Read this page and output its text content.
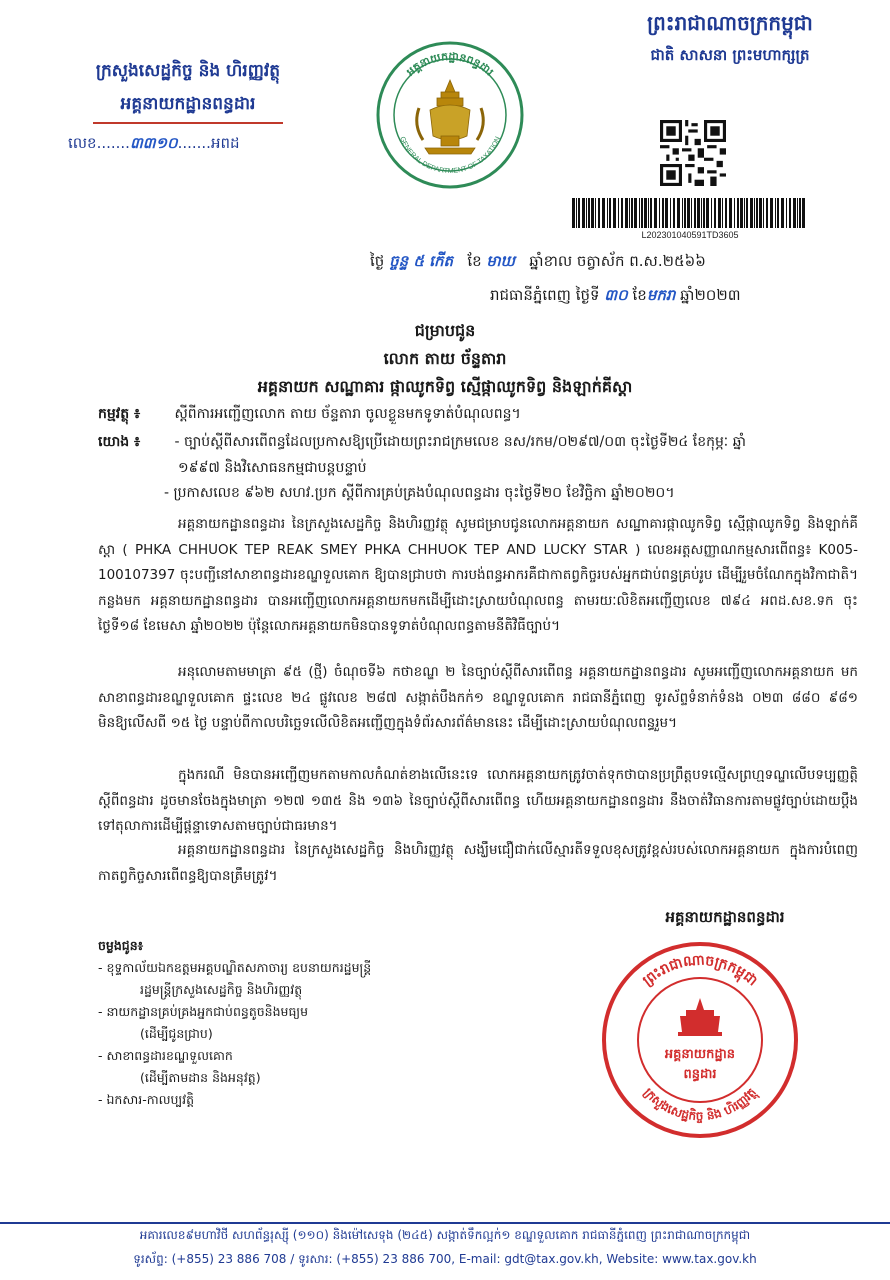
ក្រសួងសេដ្ឋកិច្ច និង ហិរញ្ញវត្ថុ
អគ្គនាយកដ្ឋានពន្ធដារ
លេខ.......៣៣១០.......អពដ
ព្រះរាជាណាចក្រកម្ពុជា
ជាតិ សាសនា ព្រះមហាក្សត្រ
អគ្គនាយកដ្ឋានពន្ធដារ
GENERAL DEPARTMENT OF TAXATION
L202301040591TD3605
ថ្ងៃ ច្ចន្ទ ៥ កើត ខែ មាឃ ឆ្នាំខាល ចត្វាស័ក ព.ស.២៥៦៦
រាជធានីភ្នំពេញ ថ្ងៃទី ៣០ ខែមករា ឆ្នាំ២០២៣
ជម្រាបជូន
លោក តាយ ច័ន្ទតារា
អគ្គនាយក សណ្ឋាគារ ផ្កាឈូកទិព្វ ស្មើផ្កាឈូកទិព្វ និងឡាក់គីស្តា
កម្មវត្ថុ ៖ ស្តីពីការអញ្ជើញលោក តាយ ច័ន្ទតារា ចូលខ្លួនមកទូទាត់បំណុលពន្ធ។
យោង ៖ - ច្បាប់ស្តីពីសារពើពន្ធដែលប្រកាសឱ្យប្រើដោយព្រះរាជក្រមលេខ នស/រកម/០២៩៧/០៣ ចុះថ្ងៃទី២៤ ខែកុម្ភៈ ឆ្នាំ
១៩៩៧ និងវិសោធនកម្មជាបន្តបន្ទាប់
- ប្រកាសលេខ ៩៦២ សហវ.ប្រក ស្តីពីការគ្រប់គ្រងបំណុលពន្ធដារ ចុះថ្ងៃទី២០ ខែវិច្ឆិកា ឆ្នាំ២០២០។
អគ្គនាយកដ្ឋានពន្ធដារ នៃក្រសួងសេដ្ឋកិច្ច និងហិរញ្ញវត្ថុ សូមជម្រាបជូនលោកអគ្គនាយក សណ្ឋាគារផ្កាឈូកទិព្វ ស្មើផ្កាឈូកទិព្វ និងឡាក់គីស្តា ( PHKA CHHUOK TEP REAK SMEY PHKA CHHUOK TEP AND LUCKY STAR ) លេខអត្តសញ្ញាណកម្មសារពើពន្ធ៖ K005-100107397 ចុះបញ្ជីនៅសាខាពន្ធដារខណ្ឌទួលគោក ឱ្យបានជ្រាបថា ការបង់ពន្ធអាករគឺជាកាតព្វកិច្ចរបស់អ្នកជាប់ពន្ធគ្រប់រូប ដើម្បីរួមចំណែកក្នុងវិកាជាតិ។ កន្លងមក អគ្គនាយកដ្ឋានពន្ធដារ បានអញ្ជើញលោកអគ្គនាយកមកដើម្បីដោះស្រាយបំណុលពន្ធ តាមរយៈលិខិតអញ្ជើញលេខ ៧៩៤ អពដ.សខ.ទក ចុះថ្ងៃទី១៨ ខែមេសា ឆ្នាំ២០២២ ប៉ុន្តែលោកអគ្គនាយកមិនបានទូទាត់បំណុលពន្ធតាមនីតិវិធីច្បាប់។
អនុលោមតាមមាត្រា ៩៥ (ថ្មី) ចំណុចទី៦ កថាខណ្ឌ ២ នៃច្បាប់ស្តីពីសារពើពន្ធ អគ្គនាយកដ្ឋានពន្ធដារ សូមអញ្ជើញលោកអគ្គនាយក មកសាខាពន្ធដារខណ្ឌទួលគោក ផ្ទះលេខ ២៤ ផ្លូវលេខ ២៨៧ សង្កាត់បឹងកក់១ ខណ្ឌទួលគោក រាជធានីភ្នំពេញ ទូរស័ព្ទទំនាក់ទំនង ០២៣ ៨៨០ ៩៨១ មិនឱ្យលើសពី ១៥ ថ្ងៃ បន្ទាប់ពីកាលបរិច្ឆេទលើលិខិតអញ្ជើញក្នុងទំព័រសារព័ត៌មាននេះ ដើម្បីដោះស្រាយបំណុលពន្ធរួម។
ក្នុងករណី មិនបានអញ្ជើញមកតាមកាលកំណត់ខាងលើនេះទេ លោកអគ្គនាយកត្រូវចាត់ទុកថាបានប្រព្រឹត្តបទល្មើសព្រហ្មទណ្ឌលើបទប្បញ្ញត្តិស្តីពីពន្ធដារ ដូចមានចែងក្នុងមាត្រា ១២៧ ១៣៥ និង ១៣៦ នៃច្បាប់ស្តីពីសារពើពន្ធ ហើយអគ្គនាយកដ្ឋានពន្ធដារ នឹងចាត់វិធានការតាមផ្លូវច្បាប់ដោយប្តឹងទៅតុលាការដើម្បីផ្តន្ទាទោសតាមច្បាប់ជាធរមាន។
អគ្គនាយកដ្ឋានពន្ធដារ នៃក្រសួងសេដ្ឋកិច្ច និងហិរញ្ញវត្ថុ សង្ឃឹមជឿជាក់លើស្មារតីទទួលខុសត្រូវខ្ពស់របស់លោកអគ្គនាយក ក្នុងការបំពេញកាតព្វកិច្ចសារពើពន្ធឱ្យបានត្រឹមត្រូវ។
អគ្គនាយកដ្ឋានពន្ធដារ
ព្រះរាជាណាចក្រកម្ពុជា
ក្រសួងសេដ្ឋកិច្ច និង ហិរញ្ញវត្ថុ
អគ្គនាយកដ្ឋាន
ពន្ធដារ
ចម្លងជូន៖
- ខុទ្ទកាល័យឯកឧត្តមអគ្គបណ្ឌិតសភាចារ្យ ឧបនាយករដ្ឋមន្ត្រី
រដ្ឋមន្ត្រីក្រសួងសេដ្ឋកិច្ច និងហិរញ្ញវត្ថុ
- នាយកដ្ឋានគ្រប់គ្រងអ្នកជាប់ពន្ធតូចនិងមធ្យម
(ដើម្បីជូនជ្រាប)
- សាខាពន្ធដារខណ្ឌទួលគោក
(ដើម្បីតាមដាន និងអនុវត្ត)
- ឯកសារ-កាលប្បវត្តិ
អគារលេខ៩មហាវិថី សហព័ន្ធរុស្ស៊ី (១១០) និងម៉ៅសេទុង (២៤៥) សង្កាត់ទឹកល្អក់១ ខណ្ឌទួលគោក រាជធានីភ្នំពេញ ព្រះរាជាណាចក្រកម្ពុជា
ទូរស័ព្ទ: (+855) 23 886 708 / ទូរសារ: (+855) 23 886 700, E-mail: gdt@tax.gov.kh, Website: www.tax.gov.kh
